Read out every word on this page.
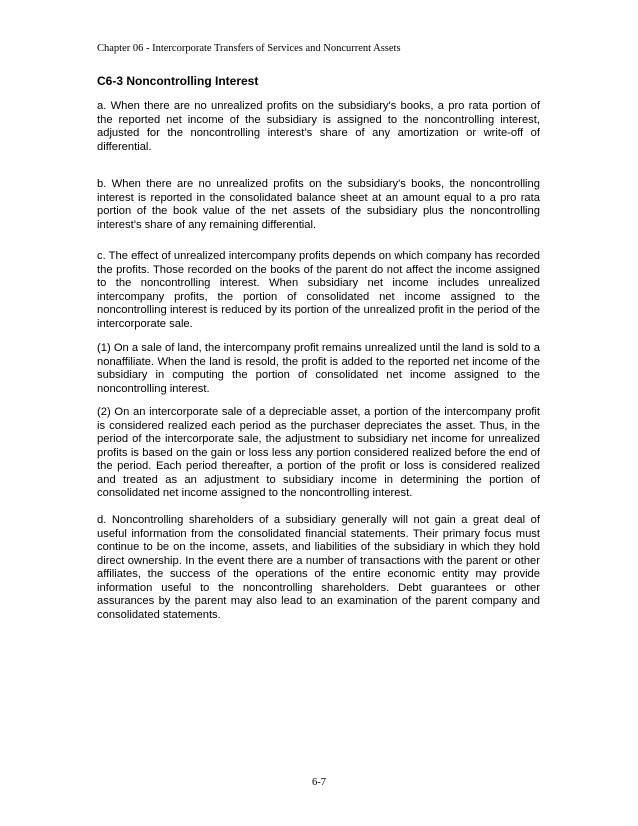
Chapter 06 - Intercorporate Transfers of Services and Noncurrent Assets
C6-3 Noncontrolling Interest

a. When there are no unrealized profits on the subsidiary's books, a pro rata portion of the reported net income of the subsidiary is assigned to the noncontrolling interest, adjusted for the noncontrolling interest’s share of any amortization or write-off of differential.

b. When there are no unrealized profits on the subsidiary's books, the noncontrolling interest is reported in the consolidated balance sheet at an amount equal to a pro rata portion of the book value of the net assets of the subsidiary plus the noncontrolling interest’s share of any remaining differential.

c. The effect of unrealized intercompany profits depends on which company has recorded the profits. Those recorded on the books of the parent do not affect the income assigned to the noncontrolling interest. When subsidiary net income includes unrealized intercompany profits, the portion of consolidated net income assigned to the noncontrolling interest is reduced by its portion of the unrealized profit in the period of the intercorporate sale.

(1) On a sale of land, the intercompany profit remains unrealized until the land is sold to a nonaffiliate. When the land is resold, the profit is added to the reported net income of the subsidiary in computing the portion of consolidated net income assigned to the noncontrolling interest.

(2) On an intercorporate sale of a depreciable asset, a portion of the intercompany profit is considered realized each period as the purchaser depreciates the asset. Thus, in the period of the intercorporate sale, the adjustment to subsidiary net income for unrealized profits is based on the gain or loss less any portion considered realized before the end of the period. Each period thereafter, a portion of the profit or loss is considered realized and treated as an adjustment to subsidiary income in determining the portion of consolidated net income assigned to the noncontrolling interest.

d. Noncontrolling shareholders of a subsidiary generally will not gain a great deal of useful information from the consolidated financial statements. Their primary focus must continue to be on the income, assets, and liabilities of the subsidiary in which they hold direct ownership. In the event there are a number of transactions with the parent or other affiliates, the success of the operations of the entire economic entity may provide information useful to the noncontrolling shareholders. Debt guarantees or other assurances by the parent may also lead to an examination of the parent company and consolidated statements.

6-7
